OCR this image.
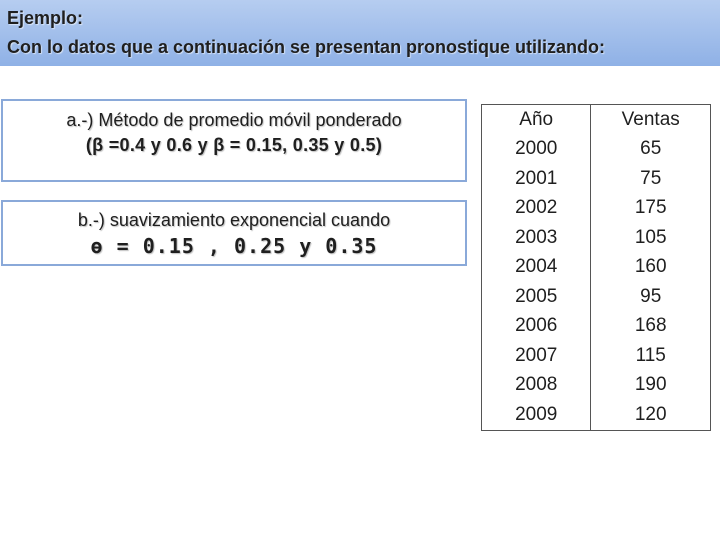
Ejemplo:
Con lo datos que a continuación se presentan pronostique utilizando:
a.-) Método de promedio móvil ponderado
(β =0.4 y 0.6 y β = 0.15, 0.35 y 0.5)
b.-) suavizamiento exponencial cuando
ɵ = 0.15 , 0.25 y 0.35
Año	Ventas
2000	65
2001	75
2002	175
2003	105
2004	160
2005	95
2006	168
2007	115
2008	190
2009	120
